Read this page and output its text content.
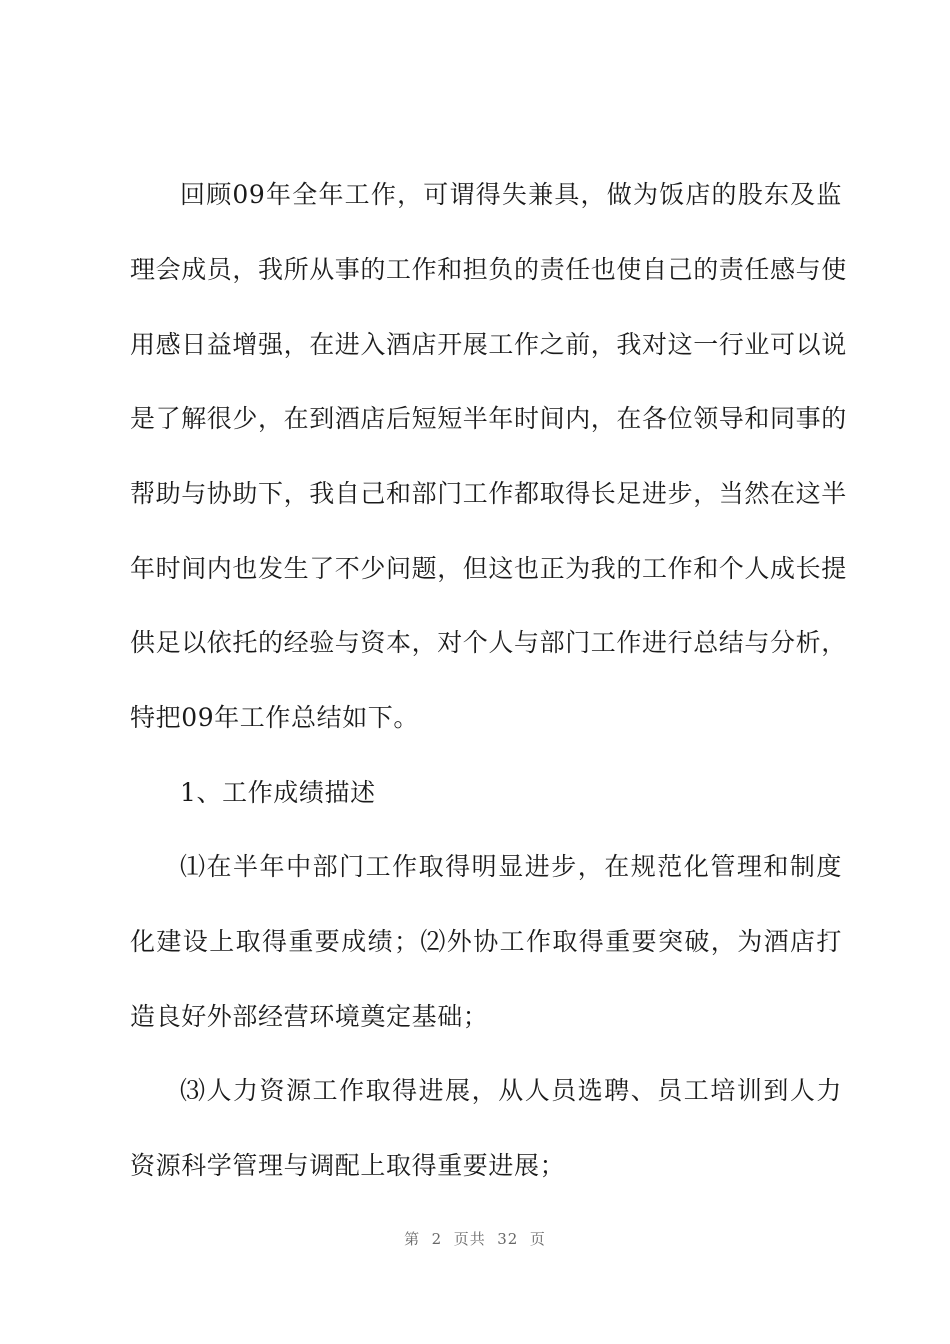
回顾09年全年工作，可谓得失兼具，做为饭店的股东及监
理会成员，我所从事的工作和担负的责任也使自己的责任感与使
用感日益增强，在进入酒店开展工作之前，我对这一行业可以说
是了解很少，在到酒店后短短半年时间内，在各位领导和同事的
帮助与协助下，我自己和部门工作都取得长足进步，当然在这半
年时间内也发生了不少问题，但这也正为我的工作和个人成长提
供足以依托的经验与资本，对个人与部门工作进行总结与分析，
特把09年工作总结如下。
1、工作成绩描述
⑴在半年中部门工作取得明显进步，在规范化管理和制度
化建设上取得重要成绩；⑵外协工作取得重要突破，为酒店打
造良好外部经营环境奠定基础；
⑶人力资源工作取得进展，从人员选聘、员工培训到人力
资源科学管理与调配上取得重要进展；
第  2  页共  32  页
